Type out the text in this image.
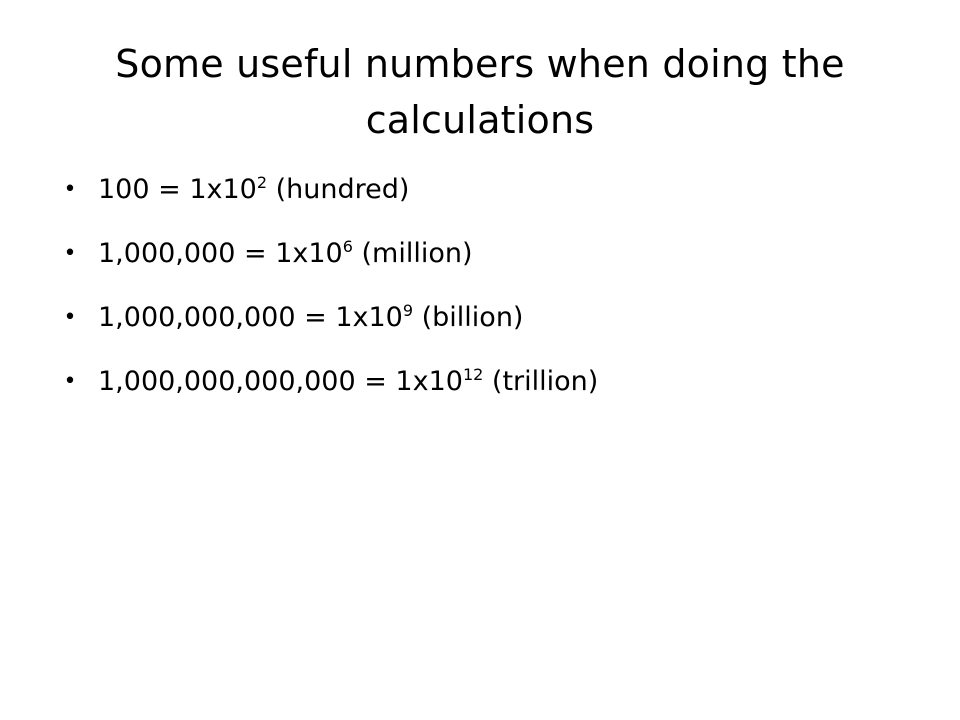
Some useful numbers when doing the calculations
• $100 = 1x10^2$ (hundred)
• $1,000,000 = 1x10^6$ (million)
• $1,000,000,000 = 1x10^9$ (billion)
• $1,000,000,000,000 = 1x10^{12}$ (trillion)
